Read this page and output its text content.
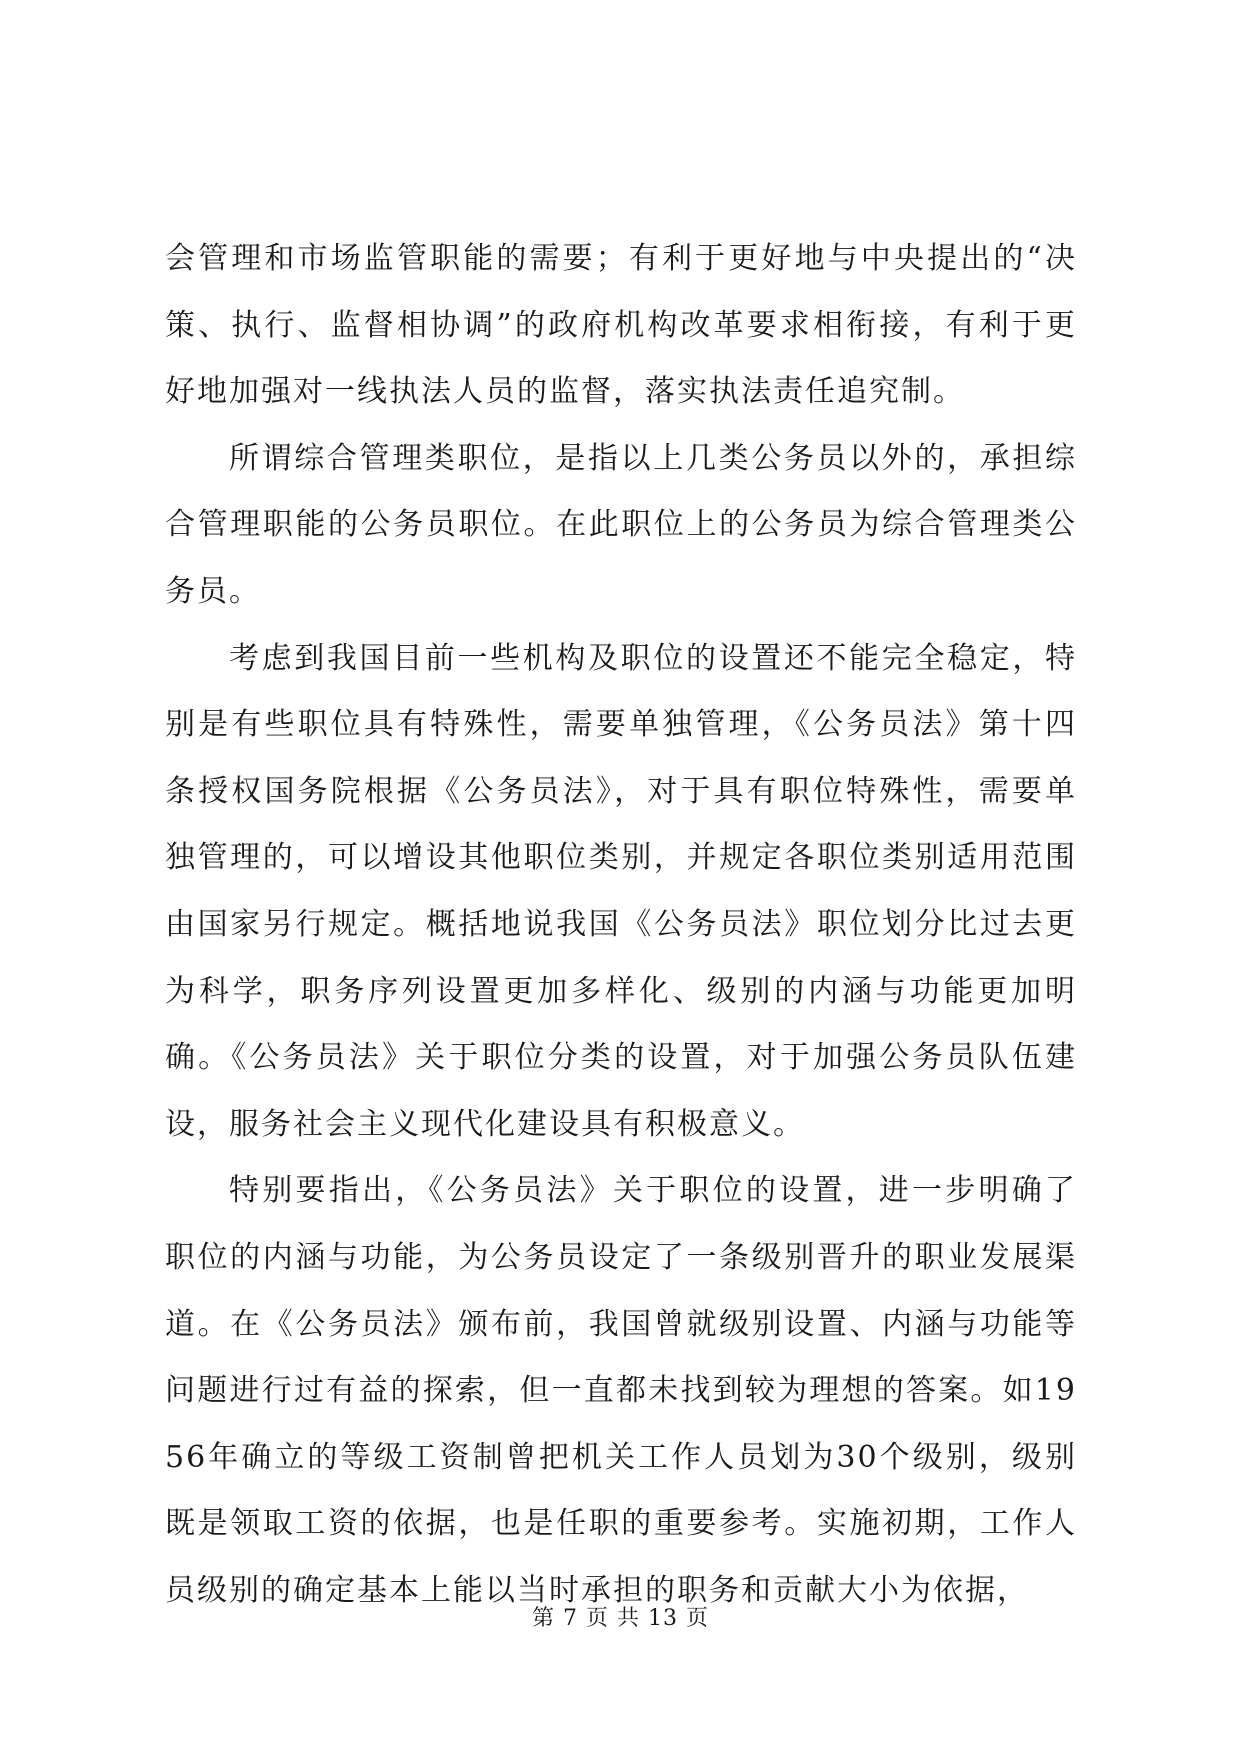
会管理和市场监管职能的需要；有利于更好地与中央提出的“决策、执行、监督相协调”的政府机构改革要求相衔接，有利于更好地加强对一线执法人员的监督，落实执法责任追究制。

所谓综合管理类职位，是指以上几类公务员以外的，承担综合管理职能的公务员职位。在此职位上的公务员为综合管理类公务员。

考虑到我国目前一些机构及职位的设置还不能完全稳定，特别是有些职位具有特殊性，需要单独管理，《公务员法》第十四条授权国务院根据《公务员法》，对于具有职位特殊性，需要单独管理的，可以增设其他职位类别，并规定各职位类别适用范围由国家另行规定。概括地说我国《公务员法》职位划分比过去更为科学，职务序列设置更加多样化、级别的内涵与功能更加明确。《公务员法》关于职位分类的设置，对于加强公务员队伍建设，服务社会主义现代化建设具有积极意义。

特别要指出，《公务员法》关于职位的设置，进一步明确了职位的内涵与功能，为公务员设定了一条级别晋升的职业发展渠道。在《公务员法》颁布前，我国曾就级别设置、内涵与功能等问题进行过有益的探索，但一直都未找到较为理想的答案。如1956年确立的等级工资制曾把机关工作人员划为30个级别，级别既是领取工资的依据，也是任职的重要参考。实施初期，工作人员级别的确定基本上能以当时承担的职务和贡献大小为依据，

第 7 页 共 13 页
